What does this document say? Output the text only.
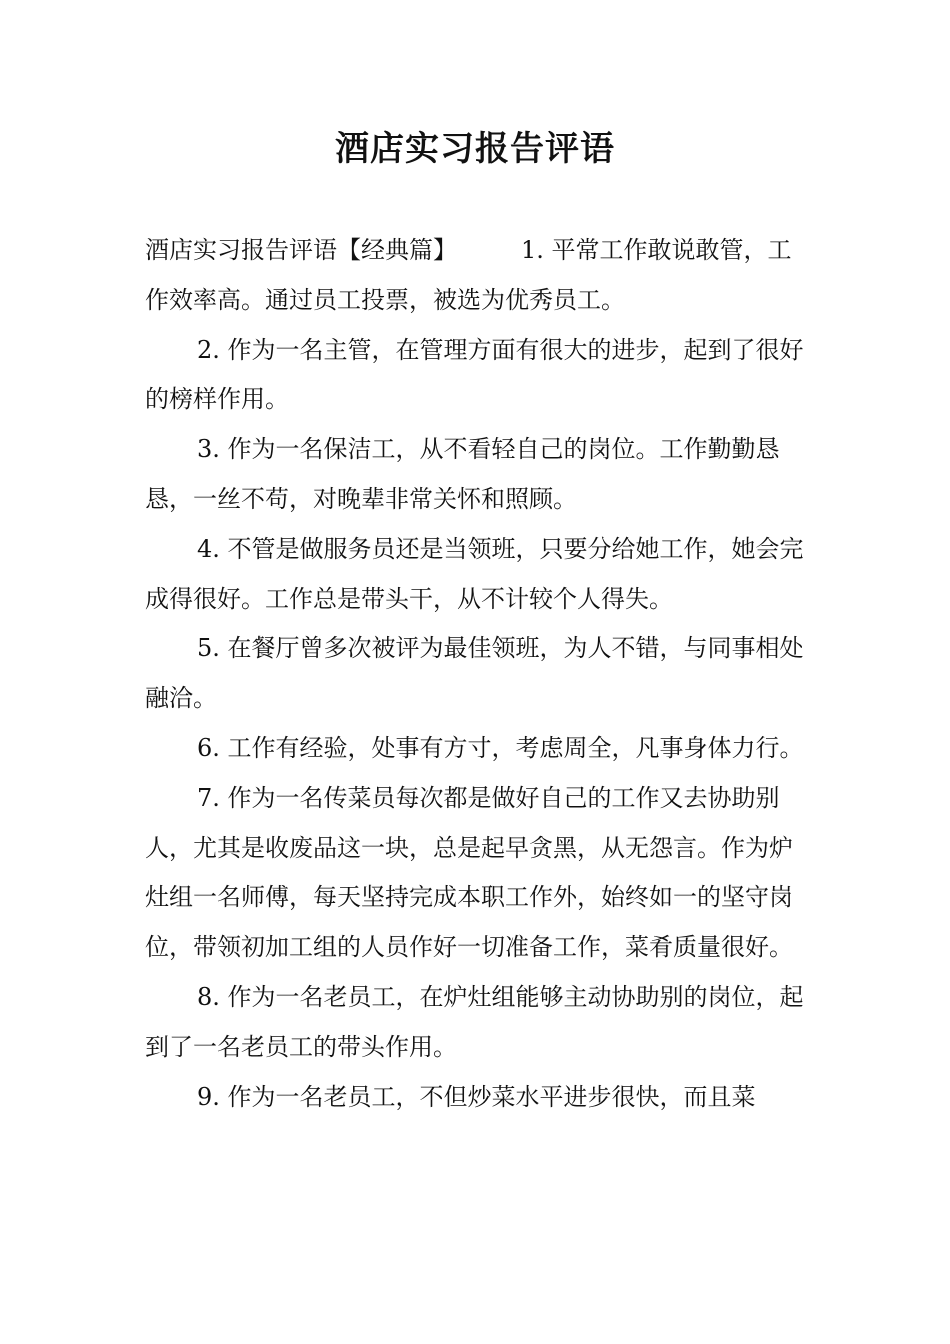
酒店实习报告评语

酒店实习报告评语【经典篇】	1. 平常工作敢说敢管，工作效率高。通过员工投票，被选为优秀员工。

2. 作为一名主管，在管理方面有很大的进步，起到了很好的榜样作用。

3. 作为一名保洁工，从不看轻自己的岗位。工作勤勤恳恳，一丝不苟，对晚辈非常关怀和照顾。

4. 不管是做服务员还是当领班，只要分给她工作，她会完成得很好。工作总是带头干，从不计较个人得失。

5. 在餐厅曾多次被评为最佳领班，为人不错，与同事相处融洽。

6. 工作有经验，处事有方寸，考虑周全，凡事身体力行。

7. 作为一名传菜员每次都是做好自己的工作又去协助别人，尤其是收废品这一块，总是起早贪黑，从无怨言。作为炉灶组一名师傅，每天坚持完成本职工作外，始终如一的坚守岗位，带领初加工组的人员作好一切准备工作，菜肴质量很好。

8. 作为一名老员工，在炉灶组能够主动协助别的岗位，起到了一名老员工的带头作用。

9. 作为一名老员工，不但炒菜水平进步很快，而且菜
